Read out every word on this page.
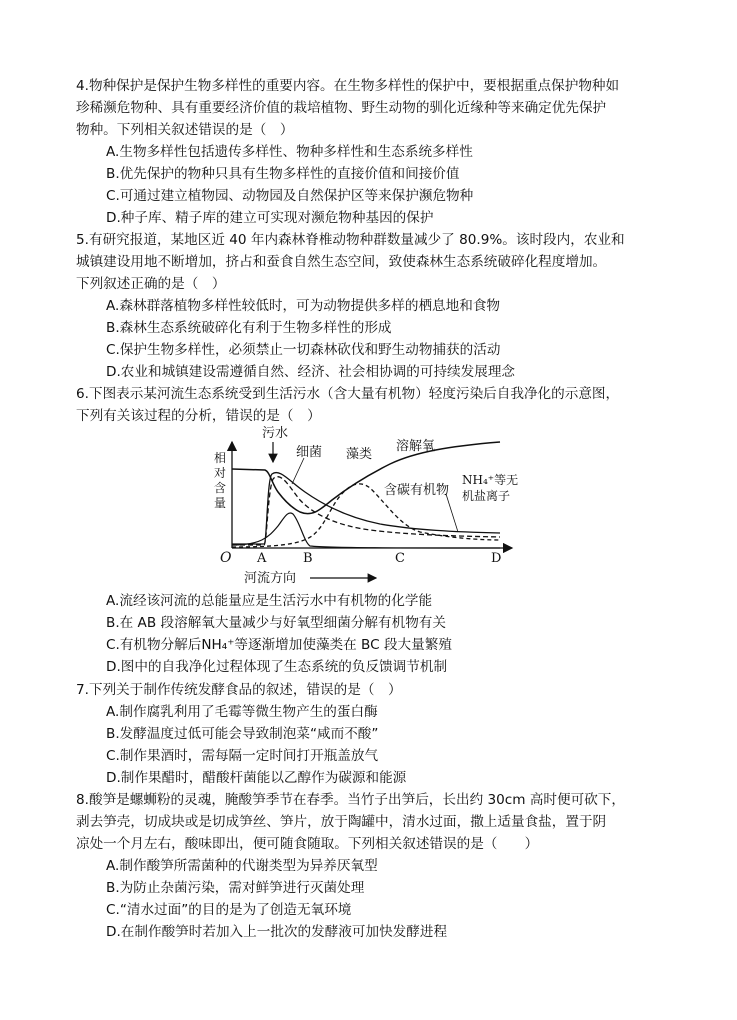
4.物种保护是保护生物多样性的重要内容。在生物多样性的保护中，要根据重点保护物种如
珍稀濒危物种、具有重要经济价值的栽培植物、野生动物的驯化近缘种等来确定优先保护
物种。下列相关叙述错误的是（　）
A.生物多样性包括遗传多样性、物种多样性和生态系统多样性
B.优先保护的物种只具有生物多样性的直接价值和间接价值
C.可通过建立植物园、动物园及自然保护区等来保护濒危物种
D.种子库、精子库的建立可实现对濒危物种基因的保护
5.有研究报道，某地区近 40 年内森林脊椎动物种群数量减少了 80.9%。该时段内，农业和
城镇建设用地不断增加，挤占和蚕食自然生态空间，致使森林生态系统破碎化程度增加。
下列叙述正确的是（　）
A.森林群落植物多样性较低时，可为动物提供多样的栖息地和食物
B.森林生态系统破碎化有利于生物多样性的形成
C.保护生物多样性，必须禁止一切森林砍伐和野生动物捕获的活动
D.农业和城镇建设需遵循自然、经济、社会相协调的可持续发展理念
6.下图表示某河流生态系统受到生活污水（含大量有机物）轻度污染后自我净化的示意图，
下列有关该过程的分析，错误的是（　）
污水
细菌 藻类
溶解氧
含碳有机物
NH₄⁺等无
机盐离子
相
对
含
量
O A	B	C	D
河流方向
A.流经该河流的总能量应是生活污水中有机物的化学能
B.在 AB 段溶解氧大量减少与好氧型细菌分解有机物有关
C.有机物分解后NH₄⁺等逐渐增加使藻类在 BC 段大量繁殖
D.图中的自我净化过程体现了生态系统的负反馈调节机制
7.下列关于制作传统发酵食品的叙述，错误的是（　）
A.制作腐乳利用了毛霉等微生物产生的蛋白酶
B.发酵温度过低可能会导致制泡菜“咸而不酸”
C.制作果酒时，需每隔一定时间打开瓶盖放气
D.制作果醋时，醋酸杆菌能以乙醇作为碳源和能源
8.酸笋是螺蛳粉的灵魂，腌酸笋季节在春季。当竹子出笋后，长出约 30cm 高时便可砍下，
剥去笋壳，切成块或是切成笋丝、笋片，放于陶罐中，清水过面，撒上适量食盐，置于阴
凉处一个月左右，酸味即出，便可随食随取。下列相关叙述错误的是（　　）
A.制作酸笋所需菌种的代谢类型为异养厌氧型
B.为防止杂菌污染，需对鲜笋进行灭菌处理
C.“清水过面”的目的是为了创造无氧环境
D.在制作酸笋时若加入上一批次的发酵液可加快发酵进程
